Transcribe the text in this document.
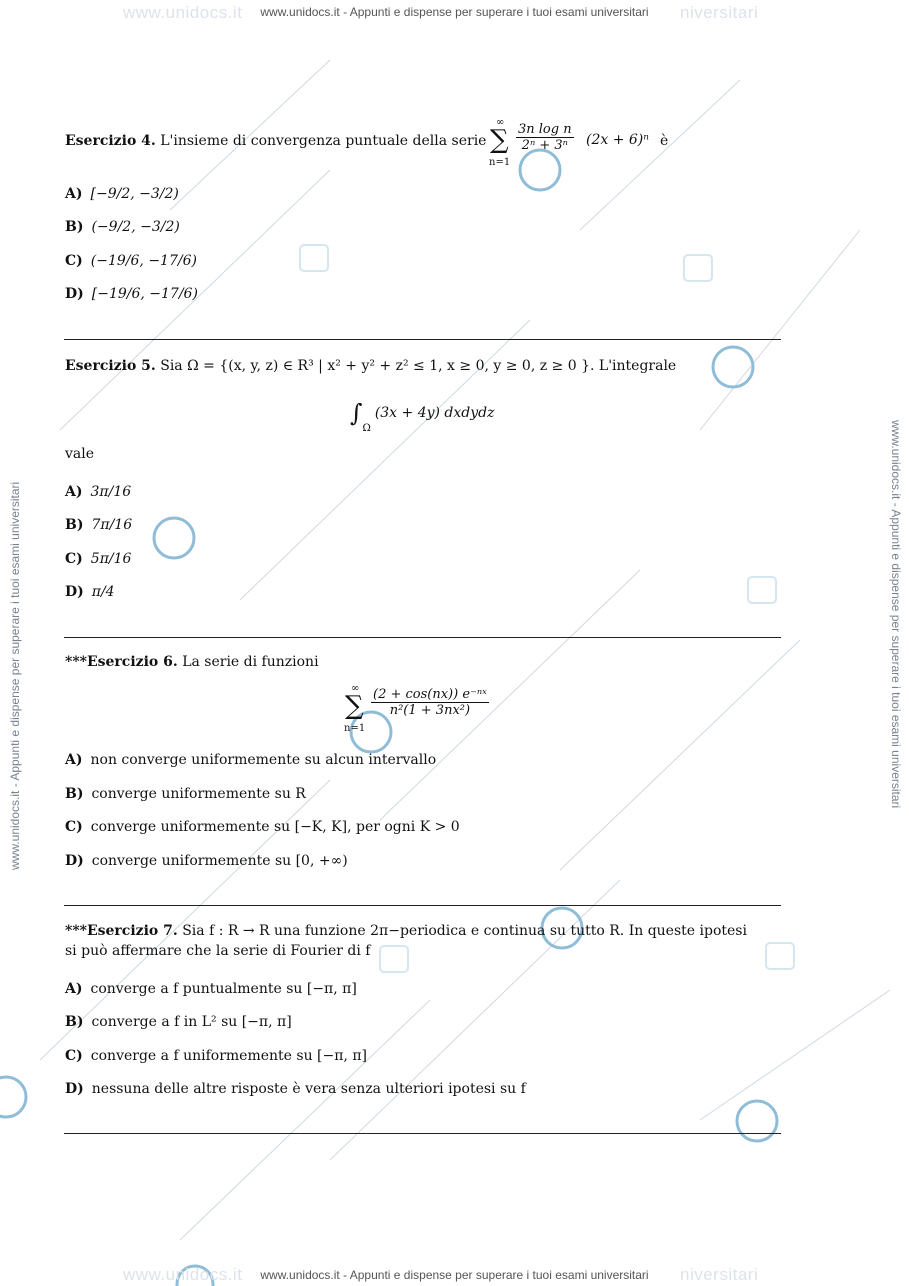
www.unidocs.it	niversitari
www.unidocs.it - Appunti e dispense per superare i tuoi esami universitari
www.unidocs.it	niversitari
www.unidocs.it - Appunti e dispense per superare i tuoi esami universitari
www.unidocs.it - Appunti e dispense per superare i tuoi esami universitari	www.unidocs.it - Appunti e dispense per superare i tuoi esami universitari
Esercizio 4. L'insieme di convergenza puntuale della serie
∞
∑
n=1
$\frac{\text{3n log n}}{\text{2ⁿ + 3ⁿ}} (2x + 6)^n$ è
A) [−9/2, −3/2)
B) (−9/2, −3/2)
C) (−19/6, −17/6)
D) [−19/6, −17/6)
Esercizio 5. Sia Ω = {(x, y, z) ∈ R³ | x² + y² + z² ≤ 1, x ≥ 0, y ≥ 0, z ≥ 0 }. L'integrale
$\int_\Omega(3x + 4y)$ dxdydz
vale
A) 3π/16
B) 7π/16
C) 5π/16
D) π/4
***Esercizio 6. La serie di funzioni
∞
∑
n=1
$\frac{\text{(2 + cos(nx)) e⁻ⁿˣ}}{\text{n²(1 + 3nx²)}}$
A) non converge uniformemente su alcun intervallo
B) converge uniformemente su R
C) converge uniformemente su [−K, K], per ogni K > 0
D) converge uniformemente su [0, +∞)
***Esercizio 7. Sia f : R → R una funzione 2π−periodica e continua su tutto R. In queste ipotesi
si può affermare che la serie di Fourier di f
A) converge a f puntualmente su [−π, π]
B) converge a f in L² su [−π, π]
C) converge a f uniformemente su [−π, π]
D) nessuna delle altre risposte è vera senza ulteriori ipotesi su f
